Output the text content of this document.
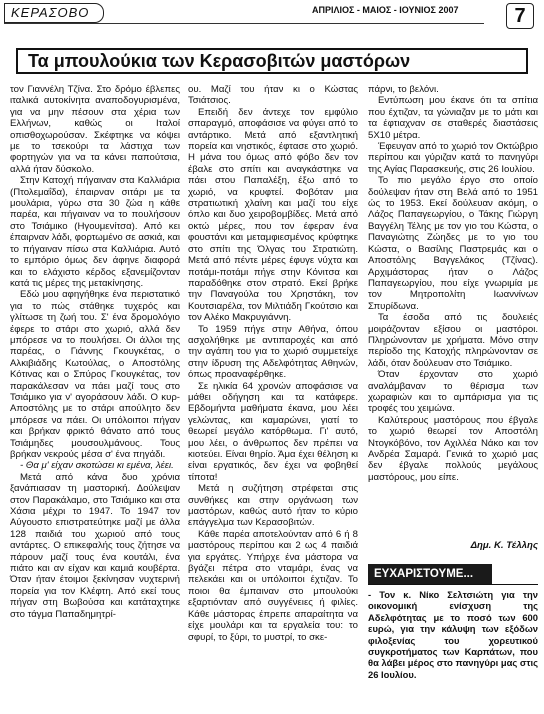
ΚΕΡΑΣΟΒΟ	ΑΠΡΙΛΙΟΣ - ΜΑΙΟΣ - ΙΟΥΝΙΟΣ 2007	7
Τα μπουλούκια των Κερασοβιτών μαστόρων

τον Γιαννέλη Τζίνα. Στο δρόμο έβλεπες ιταλικά αυτοκίνητα αναποδογυρισμένα, για να μην πέσουν στα χέρια των Ελλήνων, καθώς οι Ιταλοί οπισθοχωρούσαν. Σκέφτηκε να κόψει με το τσεκούρι τα λάστιχα των φορτηγών για να τα κάνει παπούτσια, αλλά ήταν δύσκολο.

Στην Κατοχή πήγαιναν στα Καλλιάρια (Πτολεμαΐδα), έπαιρναν σιτάρι με τα μουλάρια, γύρω στα 30 ζώα η κάθε παρέα, και πήγαιναν να το πουλήσουν στο Τσιάμικο (Ηγουμενίτσα). Από κει έπαιρναν λάδι, φορτωμένο σε ασκιά, και το πήγαιναν πίσω στα Καλλιάρια. Αυτό το εμπόριο όμως δεν άφηνε διαφορά και το ελάχιστο κέρδος εξανεμίζονταν κατά τις μέρες της μετακίνησης.

Εδώ μου αφηγήθηκε ένα περιστατικό για το πώς στάθηκε τυχερός και γλίτωσε τη ζωή του. Σ' ένα δρομολόγιο έφερε το στάρι στο χωριό, αλλά δεν μπόρεσε να το πουλήσει. Οι άλλοι της παρέας, ο Γιάννης Γκουγκέτας, ο Αλκιβιάδης Κωτούλας, ο Αποστόλης Κότινας και ο Σπύρος Γκουγκέτας, τον παρακάλεσαν να πάει μαζί τους στο Τσιάμικο για ν' αγοράσουν λάδι. Ο κυρ-Αποστόλης με το στάρι απούλητο δεν μπόρεσε να πάει. Οι υπόλοιποι πήγαν και βρήκαν φρικτό θάνατο από τους Τσιάμηδες μουσουλμάνους. Τους βρήκαν νεκρούς μέσα σ' ένα πηγάδι.

- Θα μ' είχαν σκοτώσει κι εμένα, λέει.

Μετά από κάνα δυο χρόνια ξανάπιασαν τη μαστορική. Δούλεψαν στον Παρακάλαμο, στο Τσιάμικο και στα Χάσια μέχρι το 1947. Το 1947 τον Αύγουστο επιστρατεύτηκε μαζί με άλλα 128 παιδιά του χωριού από τους αντάρτες. Ο επικεφαλής τους ζήτησε να πάρουν μαζί τους ένα κουτάλι, ένα πιάτο και αν είχαν και καμιά κουβέρτα. Όταν ήταν έτοιμοι ξεκίνησαν νυχτερινή πορεία για τον Κλέφτη. Από εκεί τους πήγαν στη Βωβούσα και κατάταχτηκε στο τάγμα Παπαδημητρί-

ου. Μαζί του ήταν κι ο Κώστας Τσιάτσιος.

Επειδή δεν άντεχε τον εμφύλιο σπαραγμό, αποφάσισε να φύγει από το αντάρτικο. Μετά από εξαντλητική πορεία και νηστικός, έφτασε στο χωριό. Η μάνα του όμως από φόβο δεν τον έβαλε στο σπίτι και αναγκάστηκε να πάει στου Παπαλέξη, έξω από το χωριό, να κρυφτεί. Φοβόταν μια στρατιωτική χλαίνη και μαζί του είχε όπλο και δυο χειροβομβίδες. Μετά από οκτώ μέρες, που τον έφεραν ένα φουστάνι και μεταμφιεσμένος κρύφτηκε στο σπίτι της Όλγας του Στρατιώτη. Μετά από πέντε μέρες έφυγε νύχτα και ποτάμι-ποτάμι πήγε στην Κόνιτσα και παραδόθηκε στον στρατό. Εκεί βρήκε την Παναγούλα του Χρηστάκη, τον Κουτσιαρέλα, τον Μιλτιάδη Γκούτσιο και τον Αλέκο Μακρυγιάννη.

Το 1959 πήγε στην Αθήνα, όπου ασχολήθηκε με αντιπαροχές και από την αγάπη του για το χωριό συμμετείχε στην ίδρυση της Αδελφότητας Αθηνών, όπως προαναφέρθηκε.

Σε ηλικία 64 χρονών αποφάσισε να μάθει οδήγηση και τα κατάφερε. Εβδομήντα μαθήματα έκανα, μου λέει γελώντας, και καμαρώνει, γιατί το θεωρεί μεγάλο κατόρθωμα. Γι' αυτό, μου λέει, ο άνθρωπος δεν πρέπει να κιοτεύει. Είναι θηρίο. Άμα έχει θέληση κι είναι εργατικός, δεν έχει να φοβηθεί τίποτα!

Μετά η συζήτηση στρέφεται στις συνθήκες και στην οργάνωση των μαστόρων, καθώς αυτό ήταν το κύριο επάγγελμα των Κερασοβιτών.

Κάθε παρέα αποτελούνταν από 6 ή 8 μαστόρους περίπου και 2 ως 4 παιδιά για εργάτες. Υπήρχε ένα μάστορα να βγάζει πέτρα στο νταμάρι, ένας να πελεκάει και οι υπόλοιποι έχτιζαν. Το ποιοι θα έμπαιναν στο μπουλούκι εξαρτιόνταν από συγγένειες ή φιλίες. Κάθε μάστορας έπρεπε απαραίτητα να είχε μουλάρι και τα εργαλεία του: το σφυρί, το ξύρι, το μυστρί, το σκε-

πάρνι, το βελόνι.

Εντύπωση μου έκανε ότι τα σπίτια που έχτιζαν, τα γώνιαζαν με το μάτι και τα έφτιαχναν σε σταθερές διαστάσεις 5Χ10 μέτρα.

Έφευγαν από το χωριό τον Οκτώβριο περίπου και γύριζαν κατά το πανηγύρι της Αγίας Παρασκευής, στις 26 Ιουλίου.

Το πιο μεγάλο έργο στο οποίο δούλεψαν ήταν στη Βελά από το 1951 ώς το 1953. Εκεί δούλευαν ακόμη, ο Λάζος Παπαγεωργίου, ο Τάκης Γιώργη Βαγγέλη Τέλης με τον γιο του Κώστα, ο Παναγιώτης Ζώηδες με το γιο του Κώστα, ο Βασίλης Παστρεμάς και ο Αποστόλης Βαγγελάκος (Τζίνας). Αρχιμάστορας ήταν ο Λάζος Παπαγεωργίου, που είχε γνωριμία με τον Μητροπολίτη Ιωαννίνων Σπυρίδωνα.

Τα έσοδα από τις δουλειές μοιράζονταν εξίσου οι μαστόροι. Πληρώνονταν με χρήματα. Μόνο στην περίοδο της Κατοχής πληρώνονταν σε λάδι, όταν δούλευαν στο Τσιάμικο.

Όταν έρχονταν στο χωριό αναλάμβαναν το θέρισμα των χωραφιών και το αμπάρισμα για τις τροφές του χειμώνα.

Καλύτερους μαστόρους που έβγαλε το χωριό θεωρεί τον Αποστόλη Ντογκόβόνο, τον Αχιλλέα Νάκο και τον Ανδρέα Σαμαρά. Γενικά το χωριό μας δεν έβγαλε πολλούς μεγάλους μαστόρους, μου είπε.

Δημ. Κ. Τέλλης

ΕΥΧΑΡΙΣΤΟΥΜΕ...
- Τον κ. Νίκο Σελτσιώτη για την οικονομική ενίσχυση της Αδελφότητας με το ποσό των 600 ευρώ, για την κάλυψη των εξόδων φιλοξενίας του χορευτικού συγκροτήματος των Καρπάτων, που θα λάβει μέρος στο πανηγύρι μας στις 26 Ιουλίου.
